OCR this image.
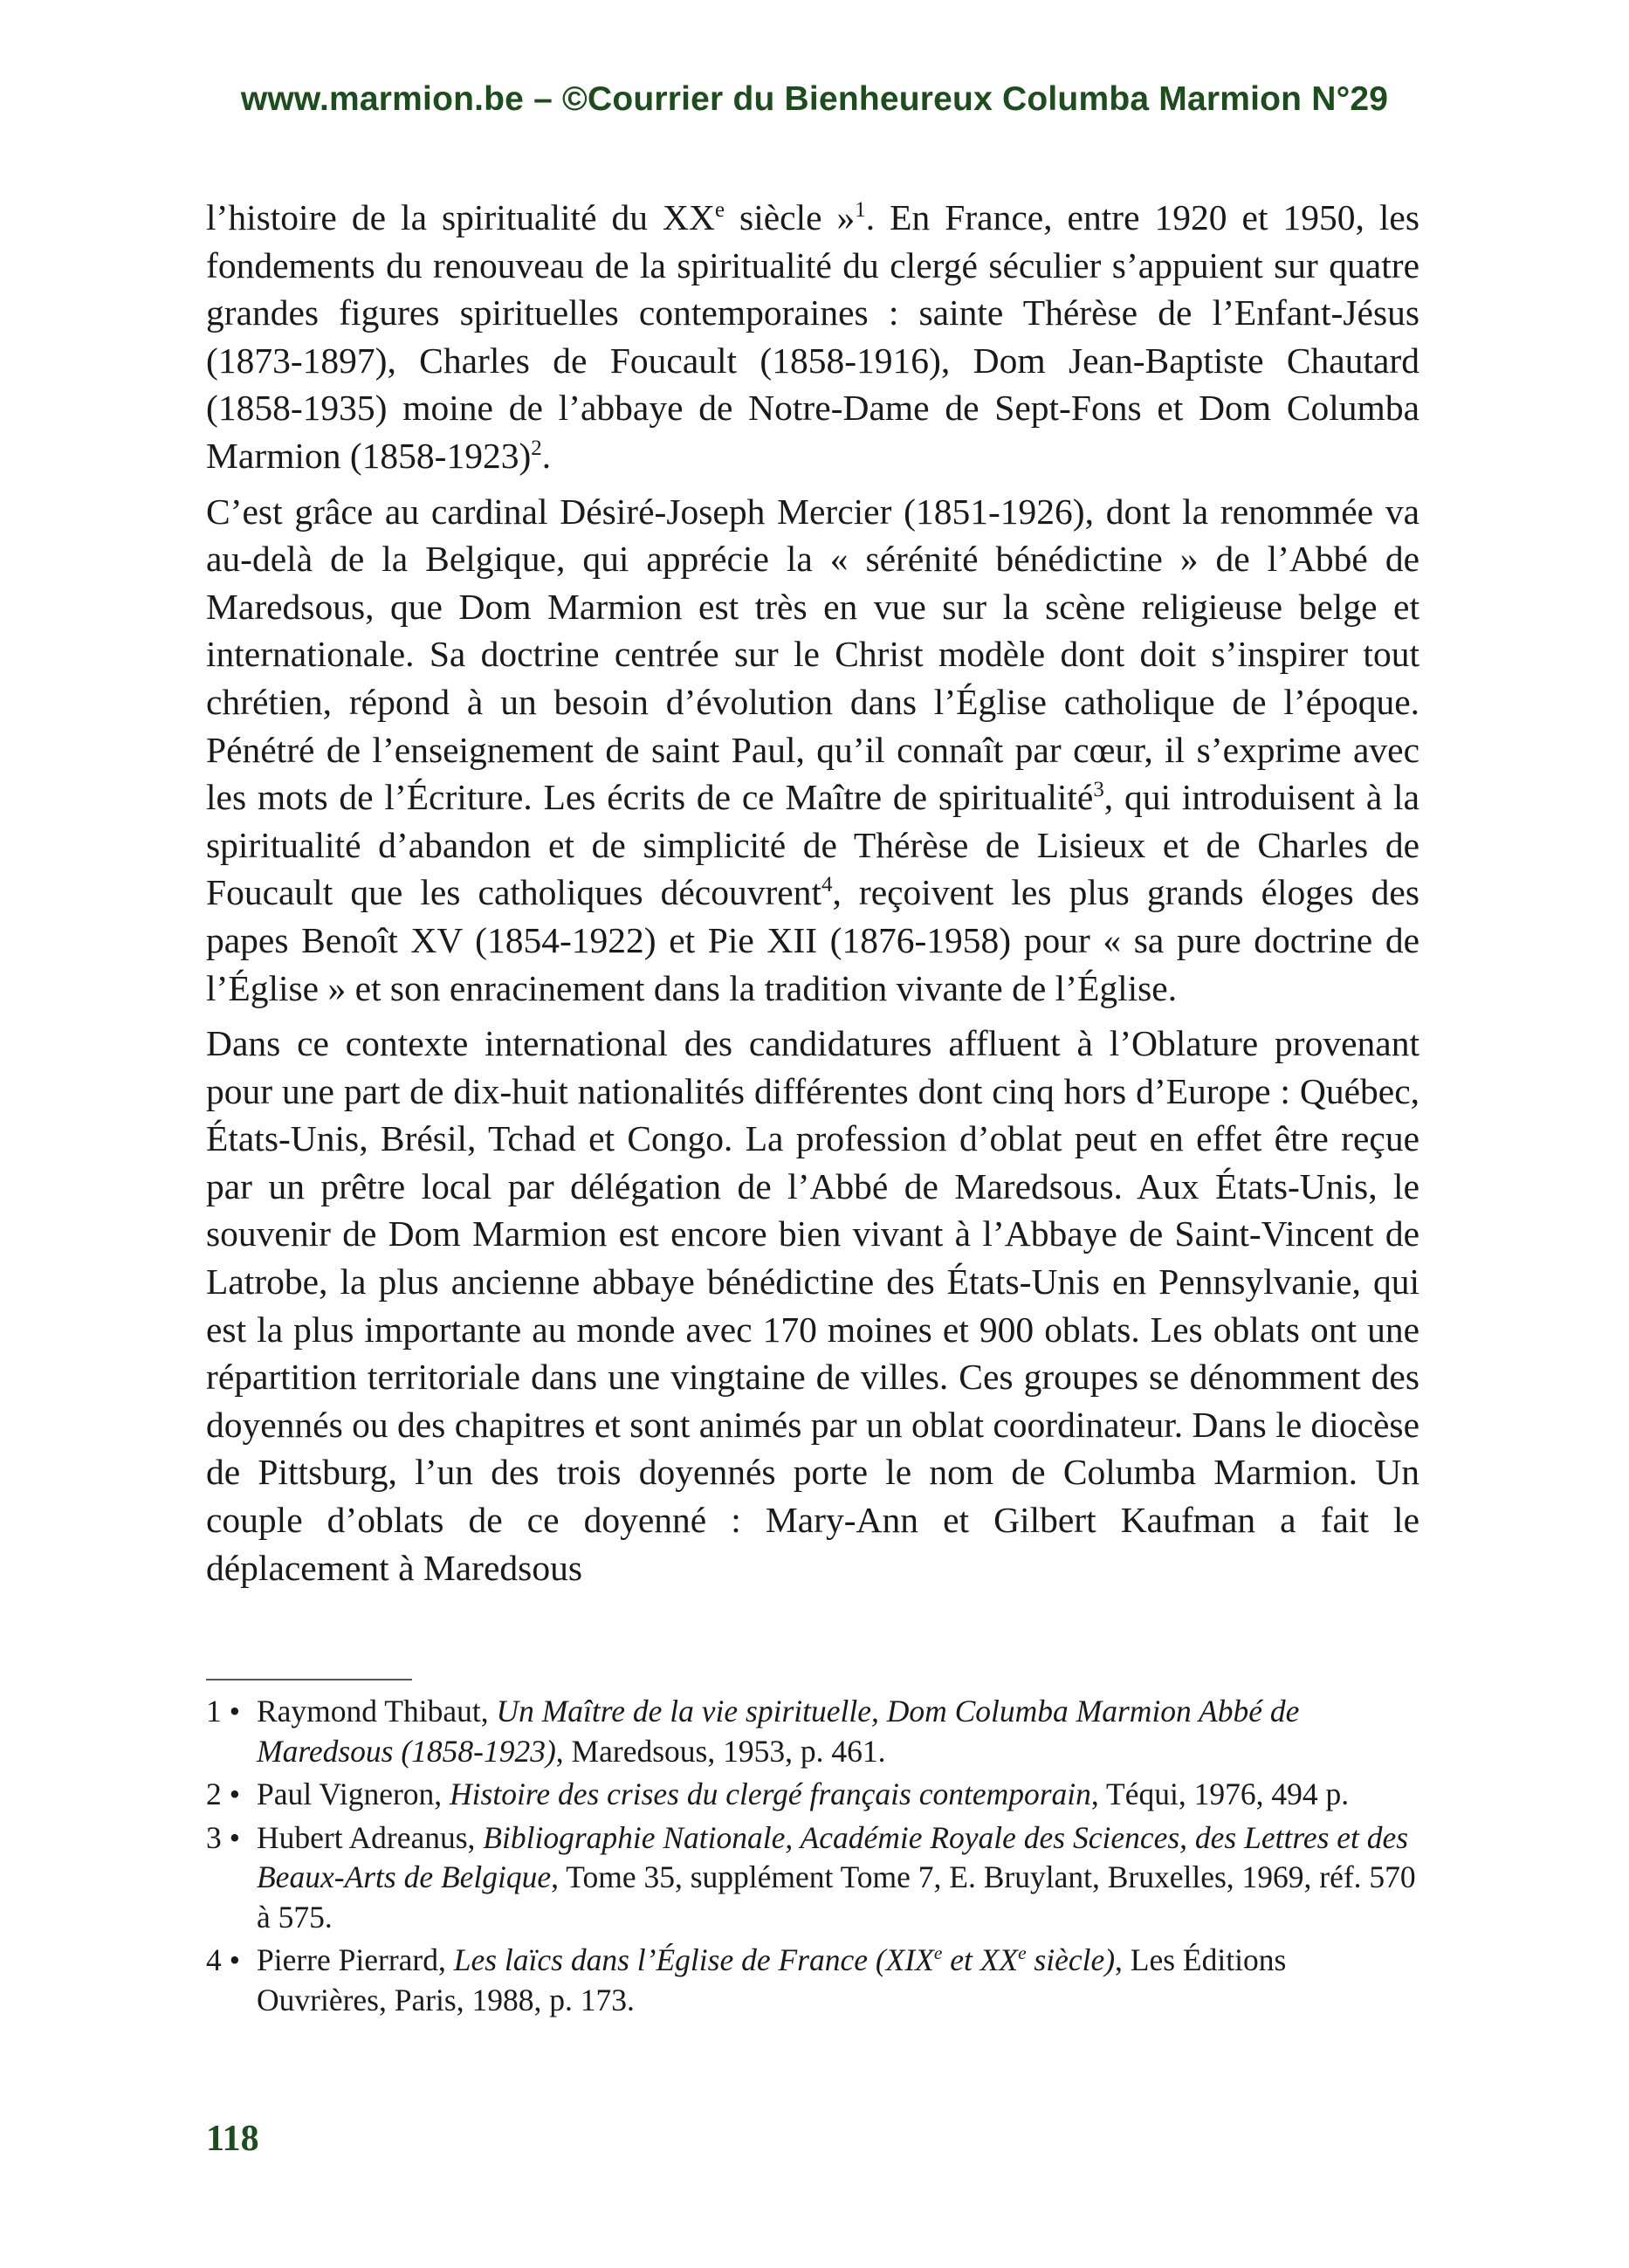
www.marmion.be – ©Courrier du Bienheureux Columba Marmion N°29

l’histoire de la spiritualité du XXe siècle »$^1$. En France, entre 1920 et 1950, les fondements du renouveau de la spiritualité du clergé séculier s’appuient sur quatre grandes figures spirituelles contemporaines : sainte Thérèse de l’Enfant-Jésus (1873-1897), Charles de Foucault (1858-1916), Dom Jean-Baptiste Chautard (1858-1935) moine de l’abbaye de Notre-Dame de Sept-Fons et Dom Columba Marmion (1858-1923)$^2$.

C’est grâce au cardinal Désiré-Joseph Mercier (1851-1926), dont la renommée va au-delà de la Belgique, qui apprécie la « sérénité bénédictine » de l’Abbé de Maredsous, que Dom Marmion est très en vue sur la scène religieuse belge et internationale. Sa doctrine centrée sur le Christ modèle dont doit s’inspirer tout chrétien, répond à un besoin d’évolution dans l’Église catholique de l’époque. Pénétré de l’enseignement de saint Paul, qu’il connaît par cœur, il s’exprime avec les mots de l’Écriture. Les écrits de ce Maître de spiritualité$^3$, qui introduisent à la spiritualité d’abandon et de simplicité de Thérèse de Lisieux et de Charles de Foucault que les catholiques découvrent$^4$, reçoivent les plus grands éloges des papes Benoît XV (1854-1922) et Pie XII (1876-1958) pour « sa pure doctrine de l’Église » et son enracinement dans la tradition vivante de l’Église.

Dans ce contexte international des candidatures affluent à l’Oblature provenant pour une part de dix-huit nationalités différentes dont cinq hors d’Europe : Québec, États-Unis, Brésil, Tchad et Congo. La profession d’oblat peut en effet être reçue par un prêtre local par délégation de l’Abbé de Maredsous. Aux États-Unis, le souvenir de Dom Marmion est encore bien vivant à l’Abbaye de Saint-Vincent de Latrobe, la plus ancienne abbaye bénédictine des États-Unis en Pennsylvanie, qui est la plus importante au monde avec 170 moines et 900 oblats. Les oblats ont une répartition territoriale dans une vingtaine de villes. Ces groupes se dénomment des doyennés ou des chapitres et sont animés par un oblat coordinateur. Dans le diocèse de Pittsburg, l’un des trois doyennés porte le nom de Columba Marmion. Un couple d’oblats de ce doyenné : Mary-Ann et Gilbert Kaufman a fait le déplacement à Maredsous

1 • Raymond Thibaut, Un Maître de la vie spirituelle, Dom Columba Marmion Abbé de Maredsous (1858-1923), Maredsous, 1953, p. 461.
2 • Paul Vigneron, Histoire des crises du clergé français contemporain, Téqui, 1976, 494 p.
3 • Hubert Adreanus, Bibliographie Nationale, Académie Royale des Sciences, des Lettres et des Beaux-Arts de Belgique, Tome 35, supplément Tome 7, E. Bruylant, Bruxelles, 1969, réf. 570 à 575.
4 • Pierre Pierrard, Les laïcs dans l’Église de France (XIXe et XXe siècle), Les Éditions Ouvrières, Paris, 1988, p. 173.
118
